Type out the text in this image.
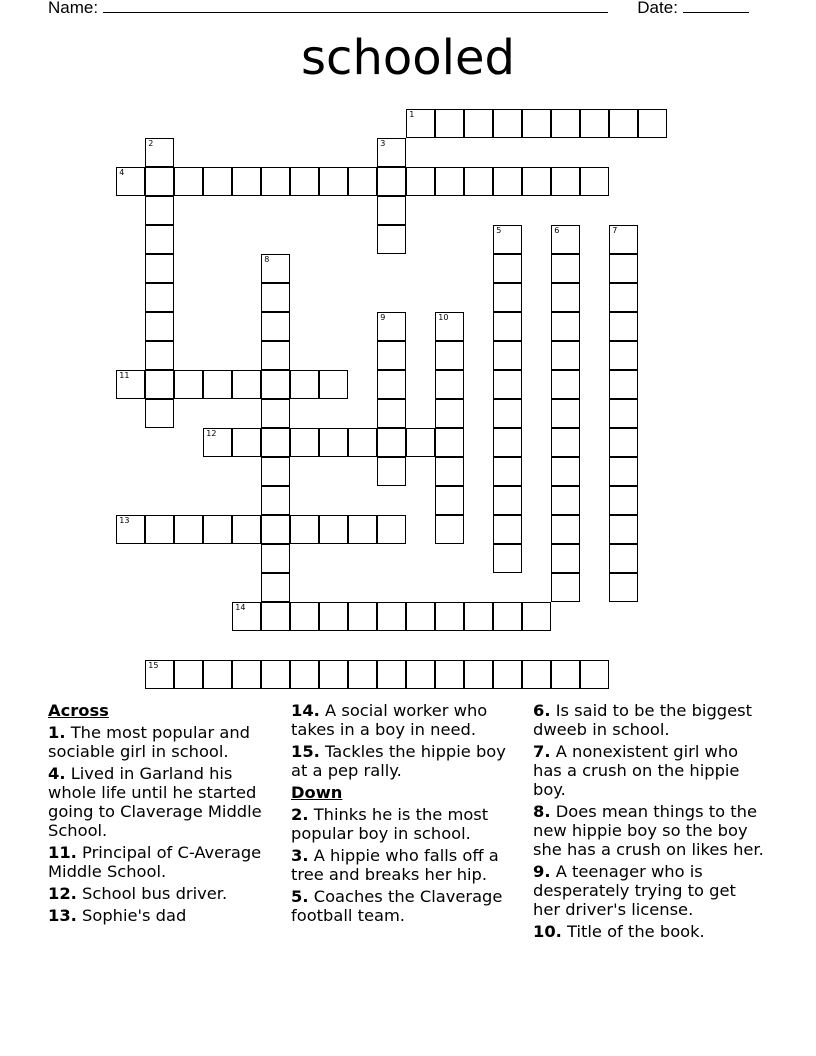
Name:	Date:
schooled
1
2	3
4
5	6	7
8
9	10
11
12
13
14
15
Across
1. The most popular and sociable girl in school.
4. Lived in Garland his whole life until he started going to Claverage Middle School.
11. Principal of C-Average Middle School.
12. School bus driver.
13. Sophie's dad
14. A social worker who takes in a boy in need.
15. Tackles the hippie boy at a pep rally.
Down
2. Thinks he is the most popular boy in school.
3. A hippie who falls off a tree and breaks her hip.
5. Coaches the Claverage football team.
6. Is said to be the biggest dweeb in school.
7. A nonexistent girl who has a crush on the hippie boy.
8. Does mean things to the new hippie boy so the boy she has a crush on likes her.
9. A teenager who is desperately trying to get her driver's license.
10. Title of the book.
